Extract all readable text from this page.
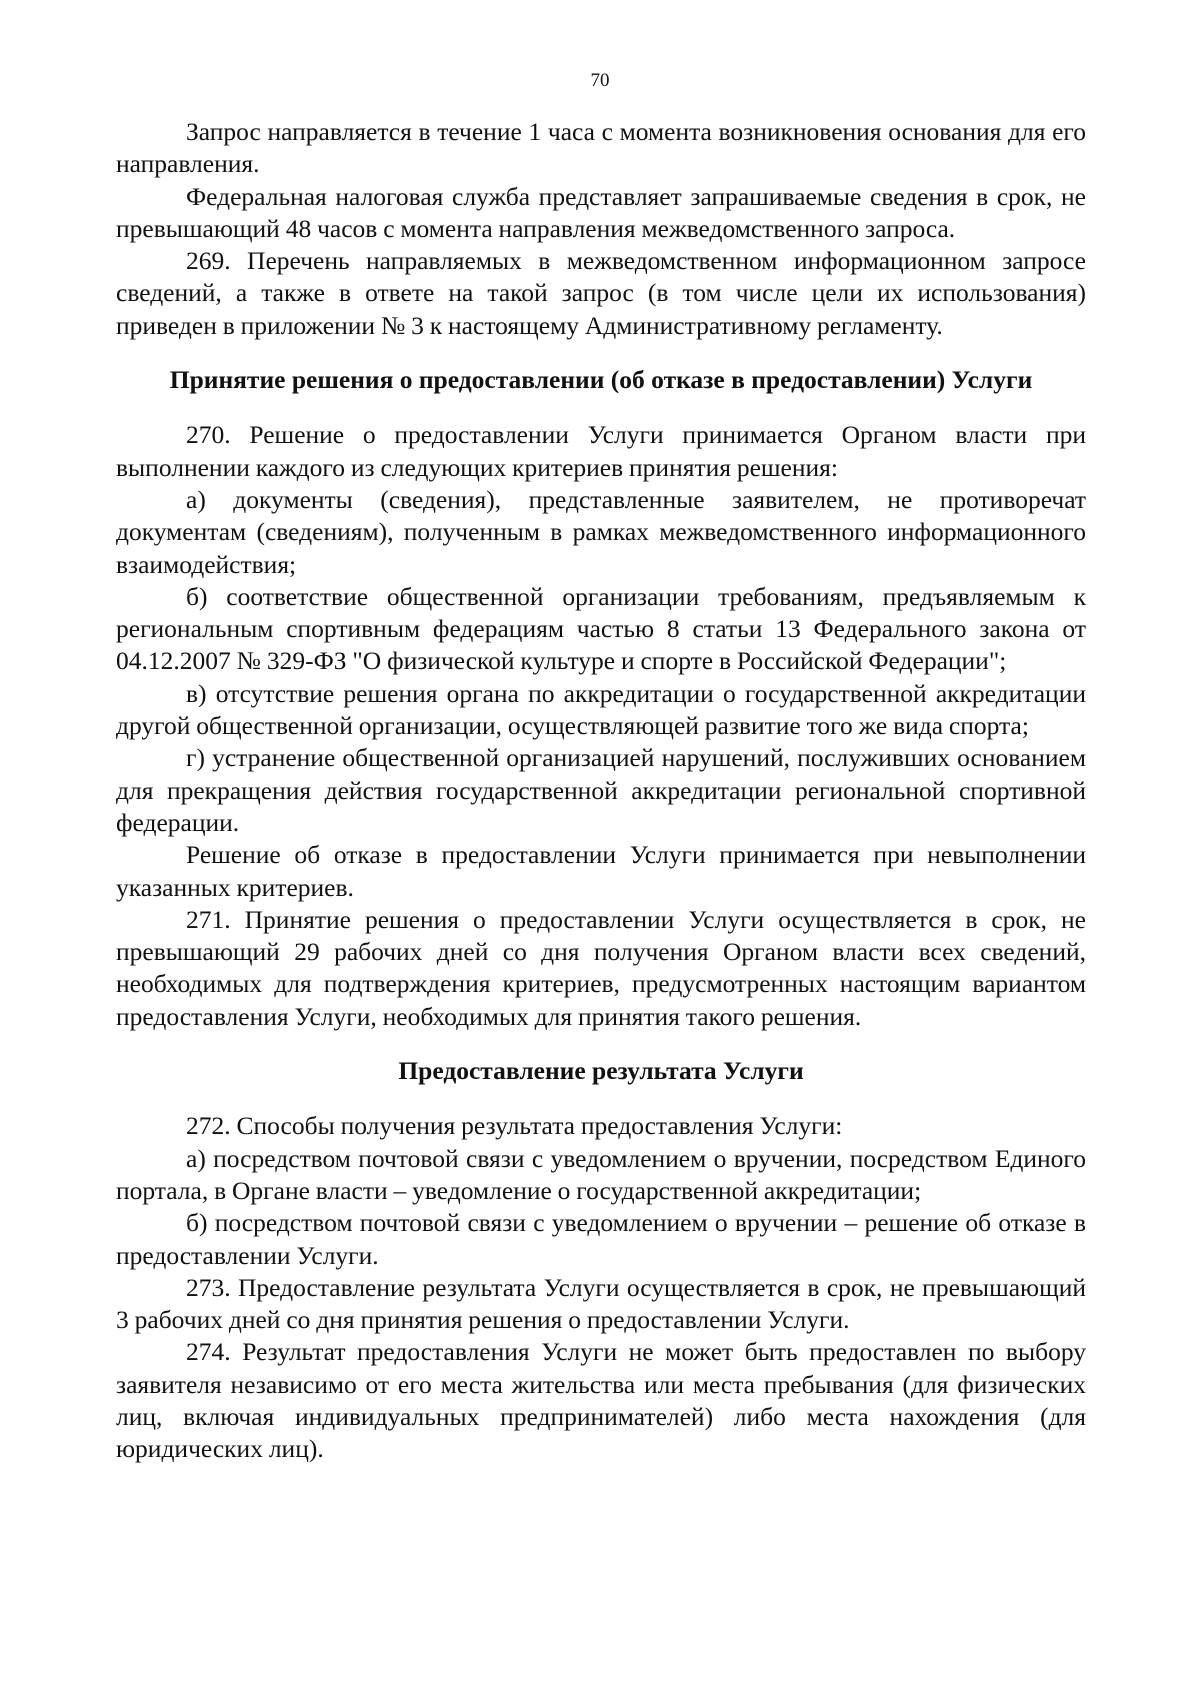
70

Запрос направляется в течение 1 часа с момента возникновения основания для его направления.

Федеральная налоговая служба представляет запрашиваемые сведения в срок, не превышающий 48 часов с момента направления межведомственного запроса.

269. Перечень направляемых в межведомственном информационном запросе сведений, а также в ответе на такой запрос (в том числе цели их использования) приведен в приложении № 3 к настоящему Административному регламенту.

Принятие решения о предоставлении (об отказе в предоставлении) Услуги

270. Решение о предоставлении Услуги принимается Органом власти при выполнении каждого из следующих критериев принятия решения:

а) документы (сведения), представленные заявителем, не противоречат документам (сведениям), полученным в рамках межведомственного информационного взаимодействия;

б) соответствие общественной организации требованиям, предъявляемым к региональным спортивным федерациям частью 8 статьи 13 Федерального закона от 04.12.2007 № 329-ФЗ "О физической культуре и спорте в Российской Федерации";

в) отсутствие решения органа по аккредитации о государственной аккредитации другой общественной организации, осуществляющей развитие того же вида спорта;

г) устранение общественной организацией нарушений, послуживших основанием для прекращения действия государственной аккредитации региональной спортивной федерации.

Решение об отказе в предоставлении Услуги принимается при невыполнении указанных критериев.

271. Принятие решения о предоставлении Услуги осуществляется в срок, не превышающий 29 рабочих дней со дня получения Органом власти всех сведений, необходимых для подтверждения критериев, предусмотренных настоящим вариантом предоставления Услуги, необходимых для принятия такого решения.

Предоставление результата Услуги

272. Способы получения результата предоставления Услуги:

а) посредством почтовой связи с уведомлением о вручении, посредством Единого портала, в Органе власти – уведомление о государственной аккредитации;

б) посредством почтовой связи с уведомлением о вручении – решение об отказе в предоставлении Услуги.

273. Предоставление результата Услуги осуществляется в срок, не превышающий 3 рабочих дней со дня принятия решения о предоставлении Услуги.

274. Результат предоставления Услуги не может быть предоставлен по выбору заявителя независимо от его места жительства или места пребывания (для физических лиц, включая индивидуальных предпринимателей) либо места нахождения (для юридических лиц).
